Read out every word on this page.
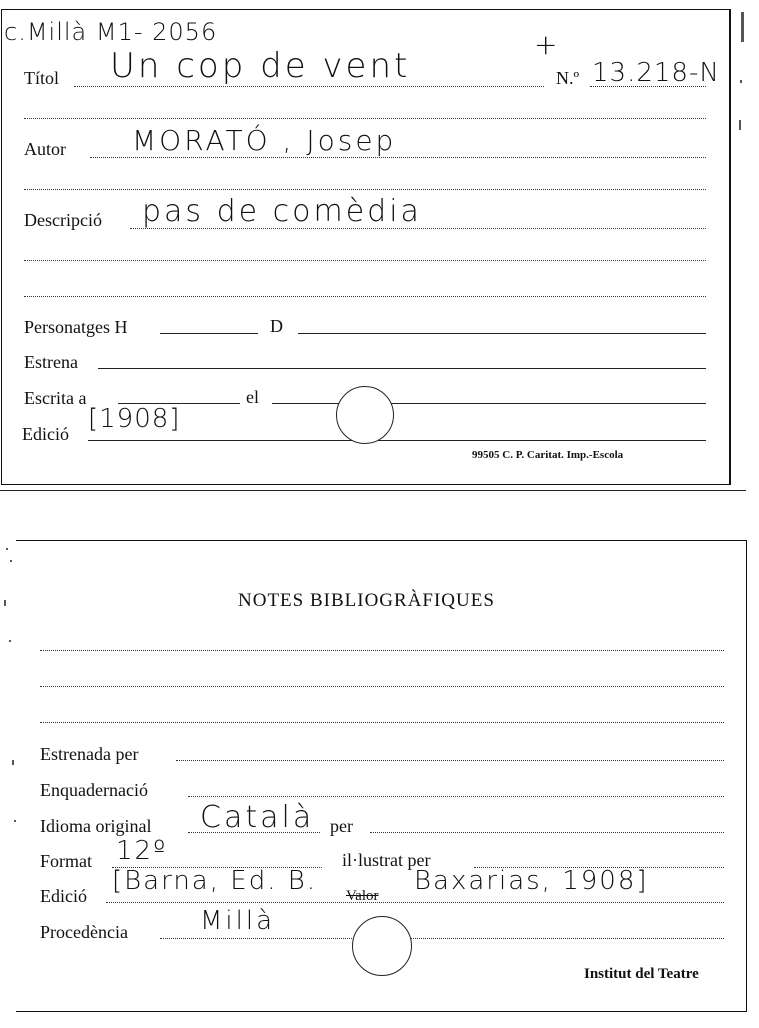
c.Millà M1- 2056	+
Títol Un cop de vent	N.º 13.218-N
Autor MORATÓ , Josep
Descripció pas de comèdia
Personatges H	D
Estrena
Escrita a	el
Edició [1908]
99505 C. P. Caritat. Imp.-Escola
NOTES BIBLIOGRÀFIQUES
Estrenada per
Enquadernació
Idioma original Català per
Format 12º	il·lustrat per
Edició [Barna, Ed. B. Valor Baxarias, 1908]
Procedència	Millà
Institut del Teatre
